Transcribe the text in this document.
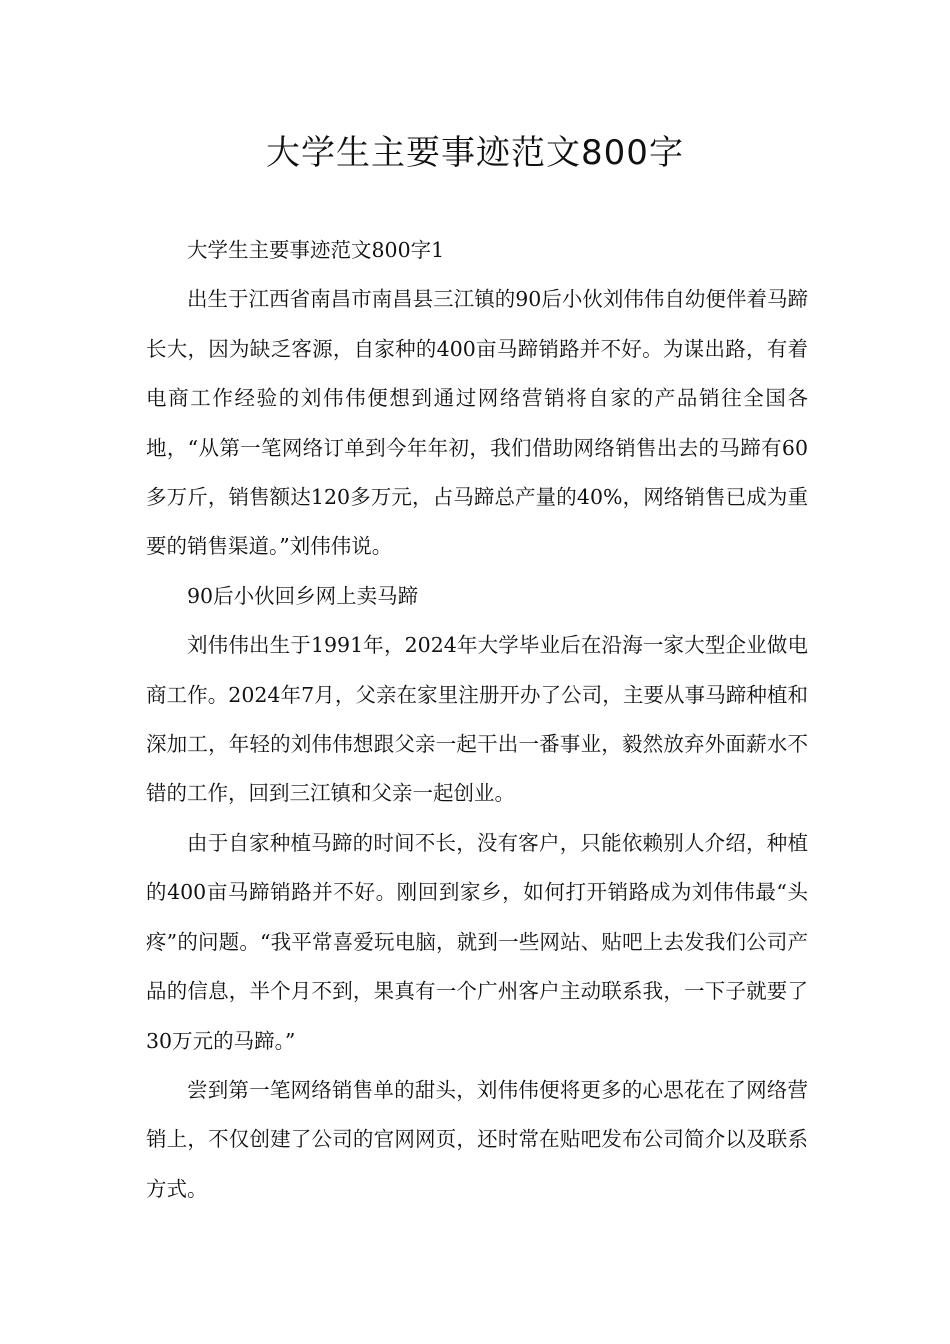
大学生主要事迹范文800字

大学生主要事迹范文800字1

出生于江西省南昌市南昌县三江镇的90后小伙刘伟伟自幼便伴着马蹄长大，因为缺乏客源，自家种的400亩马蹄销路并不好。为谋出路，有着电商工作经验的刘伟伟便想到通过网络营销将自家的产品销往全国各地，“从第一笔网络订单到今年年初，我们借助网络销售出去的马蹄有60多万斤，销售额达120多万元，占马蹄总产量的40%，网络销售已成为重要的销售渠道。”刘伟伟说。

90后小伙回乡网上卖马蹄

刘伟伟出生于1991年，2024年大学毕业后在沿海一家大型企业做电商工作。2024年7月，父亲在家里注册开办了公司，主要从事马蹄种植和深加工，年轻的刘伟伟想跟父亲一起干出一番事业，毅然放弃外面薪水不错的工作，回到三江镇和父亲一起创业。

由于自家种植马蹄的时间不长，没有客户，只能依赖别人介绍，种植的400亩马蹄销路并不好。刚回到家乡，如何打开销路成为刘伟伟最“头疼”的问题。“我平常喜爱玩电脑，就到一些网站、贴吧上去发我们公司产品的信息，半个月不到，果真有一个广州客户主动联系我，一下子就要了30万元的马蹄。”

尝到第一笔网络销售单的甜头，刘伟伟便将更多的心思花在了网络营销上，不仅创建了公司的官网网页，还时常在贴吧发布公司简介以及联系方式。
